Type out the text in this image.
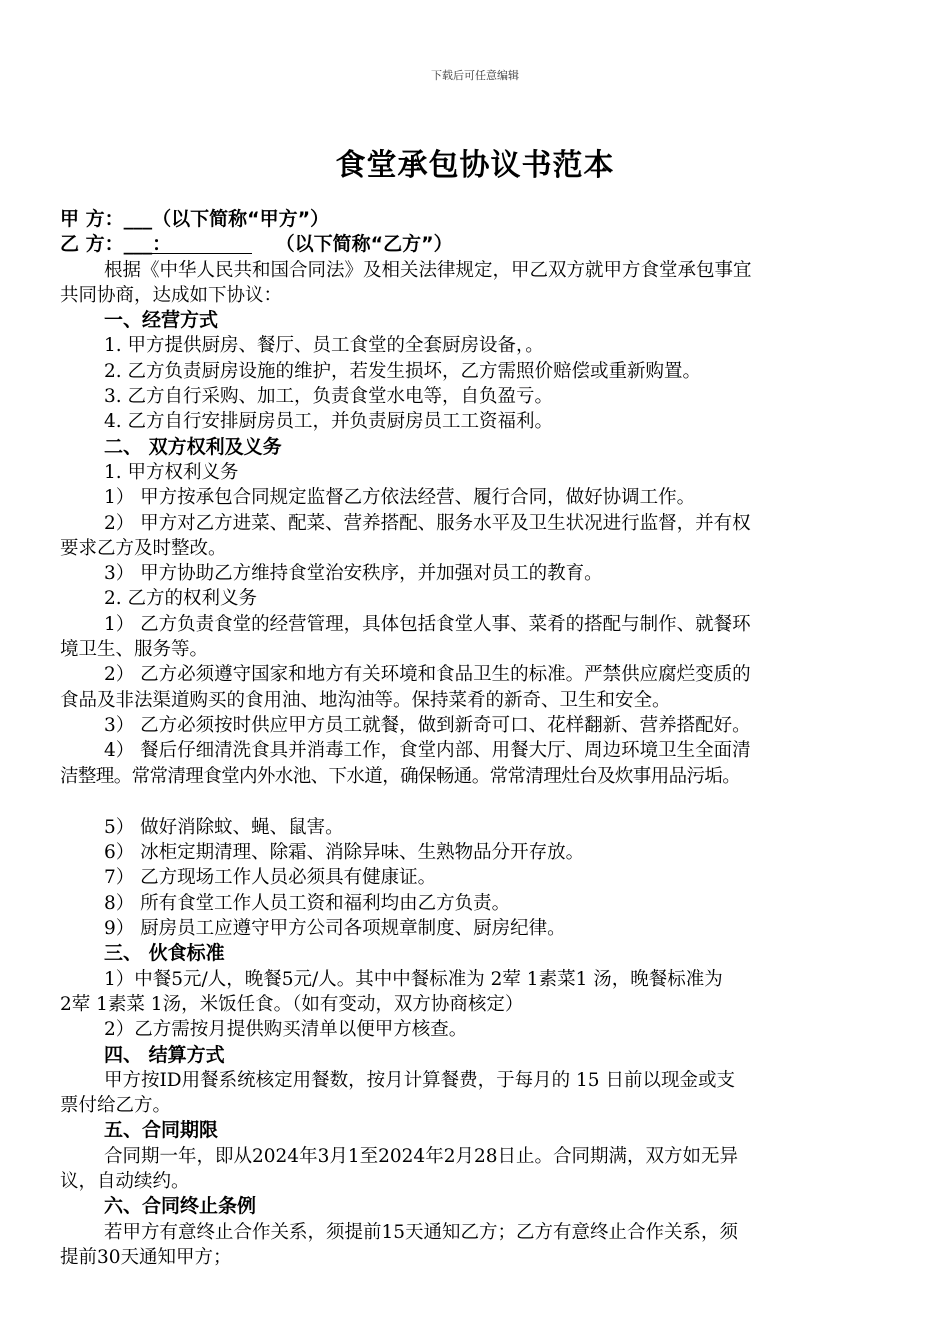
下载后可任意编辑
食堂承包协议书范本
甲 方：___（以下简称“甲方”）
乙 方：___：	（以下简称“乙方”）
根据《中华人民共和国合同法》及相关法律规定，甲乙双方就甲方食堂承包事宜
共同协商，达成如下协议：
一、经营方式
1. 甲方提供厨房、餐厅、员工食堂的全套厨房设备，。
2. 乙方负责厨房设施的维护，若发生损坏，乙方需照价赔偿或重新购置。
3. 乙方自行采购、加工，负责食堂水电等，自负盈亏。
4. 乙方自行安排厨房员工，并负责厨房员工工资福利。
二、 双方权利及义务
1. 甲方权利义务
1） 甲方按承包合同规定监督乙方依法经营、履行合同，做好协调工作。
2） 甲方对乙方进菜、配菜、营养搭配、服务水平及卫生状况进行监督，并有权
要求乙方及时整改。
3） 甲方协助乙方维持食堂治安秩序，并加强对员工的教育。
2. 乙方的权利义务
1） 乙方负责食堂的经营管理，具体包括食堂人事、菜肴的搭配与制作、就餐环
境卫生、服务等。
2） 乙方必须遵守国家和地方有关环境和食品卫生的标准。严禁供应腐烂变质的
食品及非法渠道购买的食用油、地沟油等。保持菜肴的新奇、卫生和安全。
3） 乙方必须按时供应甲方员工就餐，做到新奇可口、花样翻新、营养搭配好。
4） 餐后仔细清洗食具并消毒工作，食堂内部、用餐大厅、周边环境卫生全面清
洁整理。常常清理食堂内外水池、下水道，确保畅通。常常清理灶台及炊事用品污垢。
5） 做好消除蚊、蝇、鼠害。
6） 冰柜定期清理、除霜、消除异味、生熟物品分开存放。
7） 乙方现场工作人员必须具有健康证。
8） 所有食堂工作人员工资和福利均由乙方负责。
9） 厨房员工应遵守甲方公司各项规章制度、厨房纪律。
三、 伙食标准
1）中餐5元/人，晚餐5元/人。其中中餐标准为 2荤 1素菜1 汤，晚餐标准为
2荤 1素菜 1汤，米饭任食。（如有变动，双方协商核定）
2）乙方需按月提供购买清单以便甲方核查。
四、 结算方式
甲方按ID用餐系统核定用餐数，按月计算餐费，于每月的 15 日前以现金或支
票付给乙方。
五、合同期限
合同期一年，即从2024年3月1至2024年2月28日止。合同期满，双方如无异
议，自动续约。
六、合同终止条例
若甲方有意终止合作关系，须提前15天通知乙方；乙方有意终止合作关系，须
提前30天通知甲方；
